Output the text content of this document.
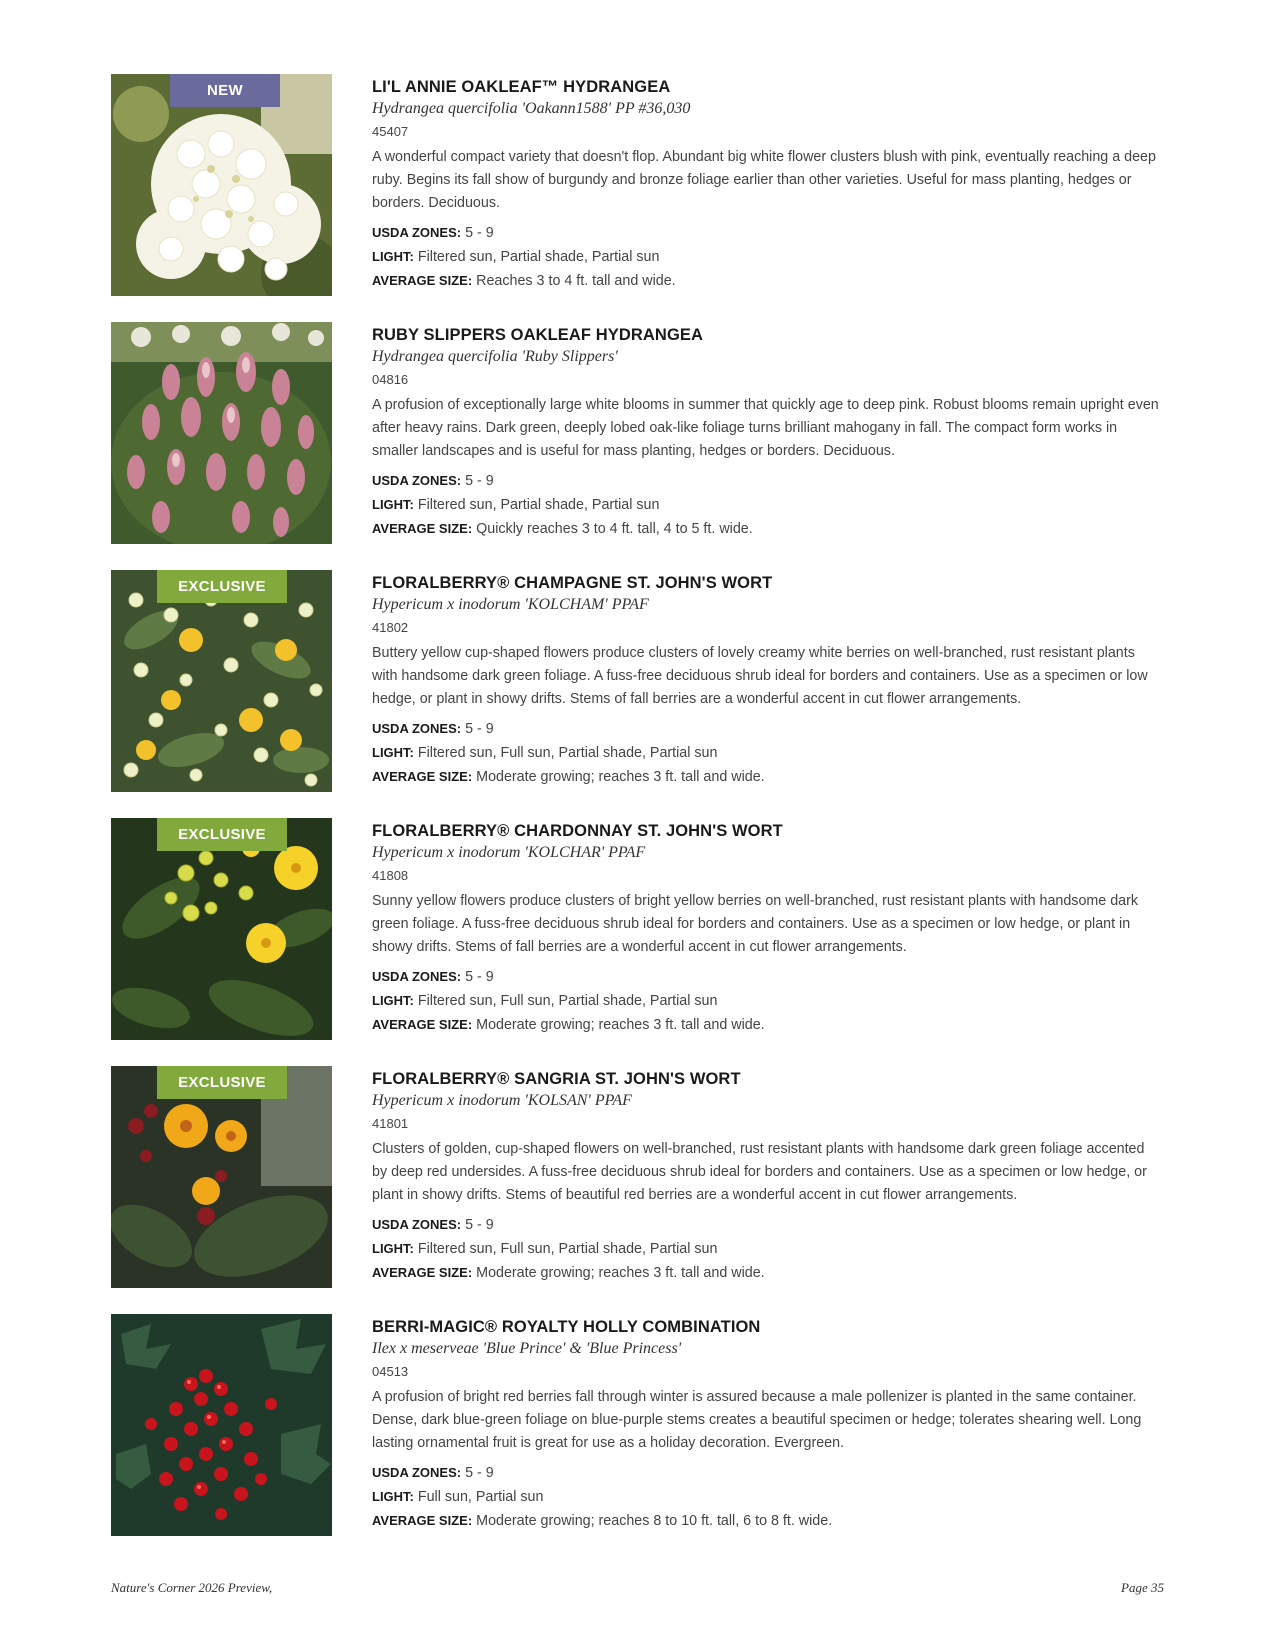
NEW	LI'L ANNIE OAKLEAF™ HYDRANGEA
Hydrangea quercifolia 'Oakann1588' PP #36,030
45407
A wonderful compact variety that doesn't flop. Abundant big white flower clusters blush with pink, eventually reaching a deep ruby. Begins its fall show of burgundy and bronze foliage earlier than other varieties. Useful for mass planting, hedges or borders. Deciduous.
USDA ZONES: 5 - 9
LIGHT: Filtered sun, Partial shade, Partial sun
AVERAGE SIZE: Reaches 3 to 4 ft. tall and wide.
RUBY SLIPPERS OAKLEAF HYDRANGEA
Hydrangea quercifolia 'Ruby Slippers'
04816
A profusion of exceptionally large white blooms in summer that quickly age to deep pink. Robust blooms remain upright even after heavy rains. Dark green, deeply lobed oak-like foliage turns brilliant mahogany in fall. The compact form works in smaller landscapes and is useful for mass planting, hedges or borders. Deciduous.
USDA ZONES: 5 - 9
LIGHT: Filtered sun, Partial shade, Partial sun
AVERAGE SIZE: Quickly reaches 3 to 4 ft. tall, 4 to 5 ft. wide.
EXCLUSIVE	FLORALBERRY® CHAMPAGNE ST. JOHN'S WORT
Hypericum x inodorum 'KOLCHAM' PPAF
41802
Buttery yellow cup-shaped flowers produce clusters of lovely creamy white berries on well-branched, rust resistant plants with handsome dark green foliage. A fuss-free deciduous shrub ideal for borders and containers. Use as a specimen or low hedge, or plant in showy drifts. Stems of fall berries are a wonderful accent in cut flower arrangements.
USDA ZONES: 5 - 9
LIGHT: Filtered sun, Full sun, Partial shade, Partial sun
AVERAGE SIZE: Moderate growing; reaches 3 ft. tall and wide.
EXCLUSIVE	FLORALBERRY® CHARDONNAY ST. JOHN'S WORT
Hypericum x inodorum 'KOLCHAR' PPAF
41808
Sunny yellow flowers produce clusters of bright yellow berries on well-branched, rust resistant plants with handsome dark green foliage. A fuss-free deciduous shrub ideal for borders and containers. Use as a specimen or low hedge, or plant in showy drifts. Stems of fall berries are a wonderful accent in cut flower arrangements.
USDA ZONES: 5 - 9
LIGHT: Filtered sun, Full sun, Partial shade, Partial sun
AVERAGE SIZE: Moderate growing; reaches 3 ft. tall and wide.
EXCLUSIVE	FLORALBERRY® SANGRIA ST. JOHN'S WORT
Hypericum x inodorum 'KOLSAN' PPAF
41801
Clusters of golden, cup-shaped flowers on well-branched, rust resistant plants with handsome dark green foliage accented by deep red undersides. A fuss-free deciduous shrub ideal for borders and containers. Use as a specimen or low hedge, or plant in showy drifts. Stems of beautiful red berries are a wonderful accent in cut flower arrangements.
USDA ZONES: 5 - 9
LIGHT: Filtered sun, Full sun, Partial shade, Partial sun
AVERAGE SIZE: Moderate growing; reaches 3 ft. tall and wide.
BERRI-MAGIC® ROYALTY HOLLY COMBINATION
Ilex x meserveae 'Blue Prince' & 'Blue Princess'
04513
A profusion of bright red berries fall through winter is assured because a male pollenizer is planted in the same container. Dense, dark blue-green foliage on blue-purple stems creates a beautiful specimen or hedge; tolerates shearing well. Long lasting ornamental fruit is great for use as a holiday decoration. Evergreen.
USDA ZONES: 5 - 9
LIGHT: Full sun, Partial sun
AVERAGE SIZE: Moderate growing; reaches 8 to 10 ft. tall, 6 to 8 ft. wide.
Nature's Corner 2026 Preview,	Page 35
